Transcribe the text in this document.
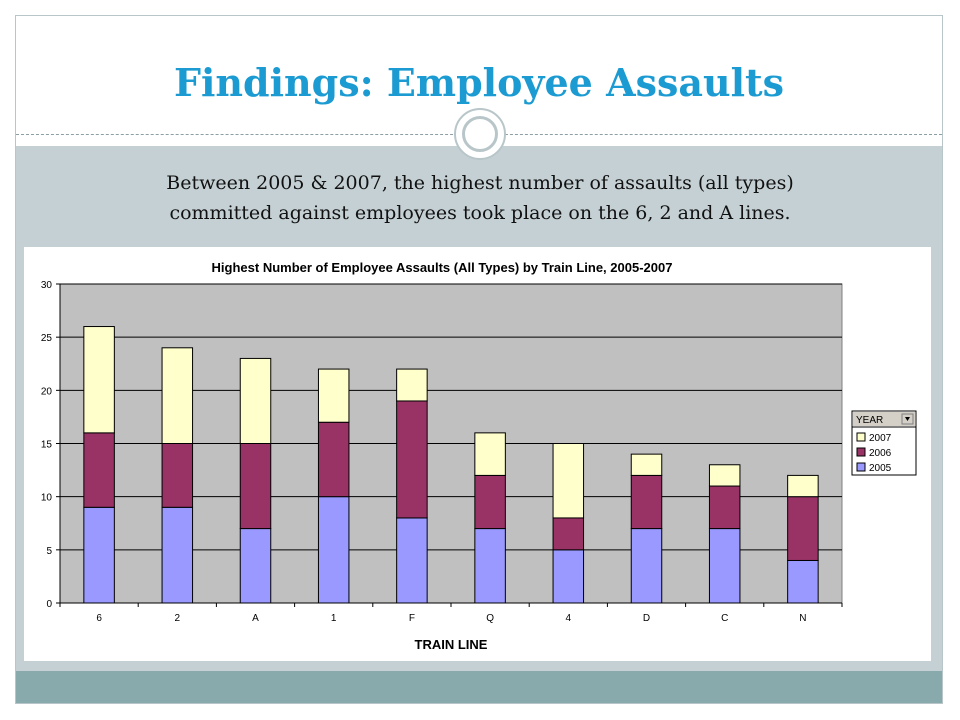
Findings: Employee Assaults

Between 2005 & 2007, the highest number of assaults (all types)
committed against employees took place on the 6, 2 and A lines.

Highest Number of Employee Assaults (All Types) by Train Line, 2005-2007
0
5
10
15
20
25
30
6	2	A	1	F	Q	4	D	C	N
TRAIN LINE
YEAR
2007
2006
2005
